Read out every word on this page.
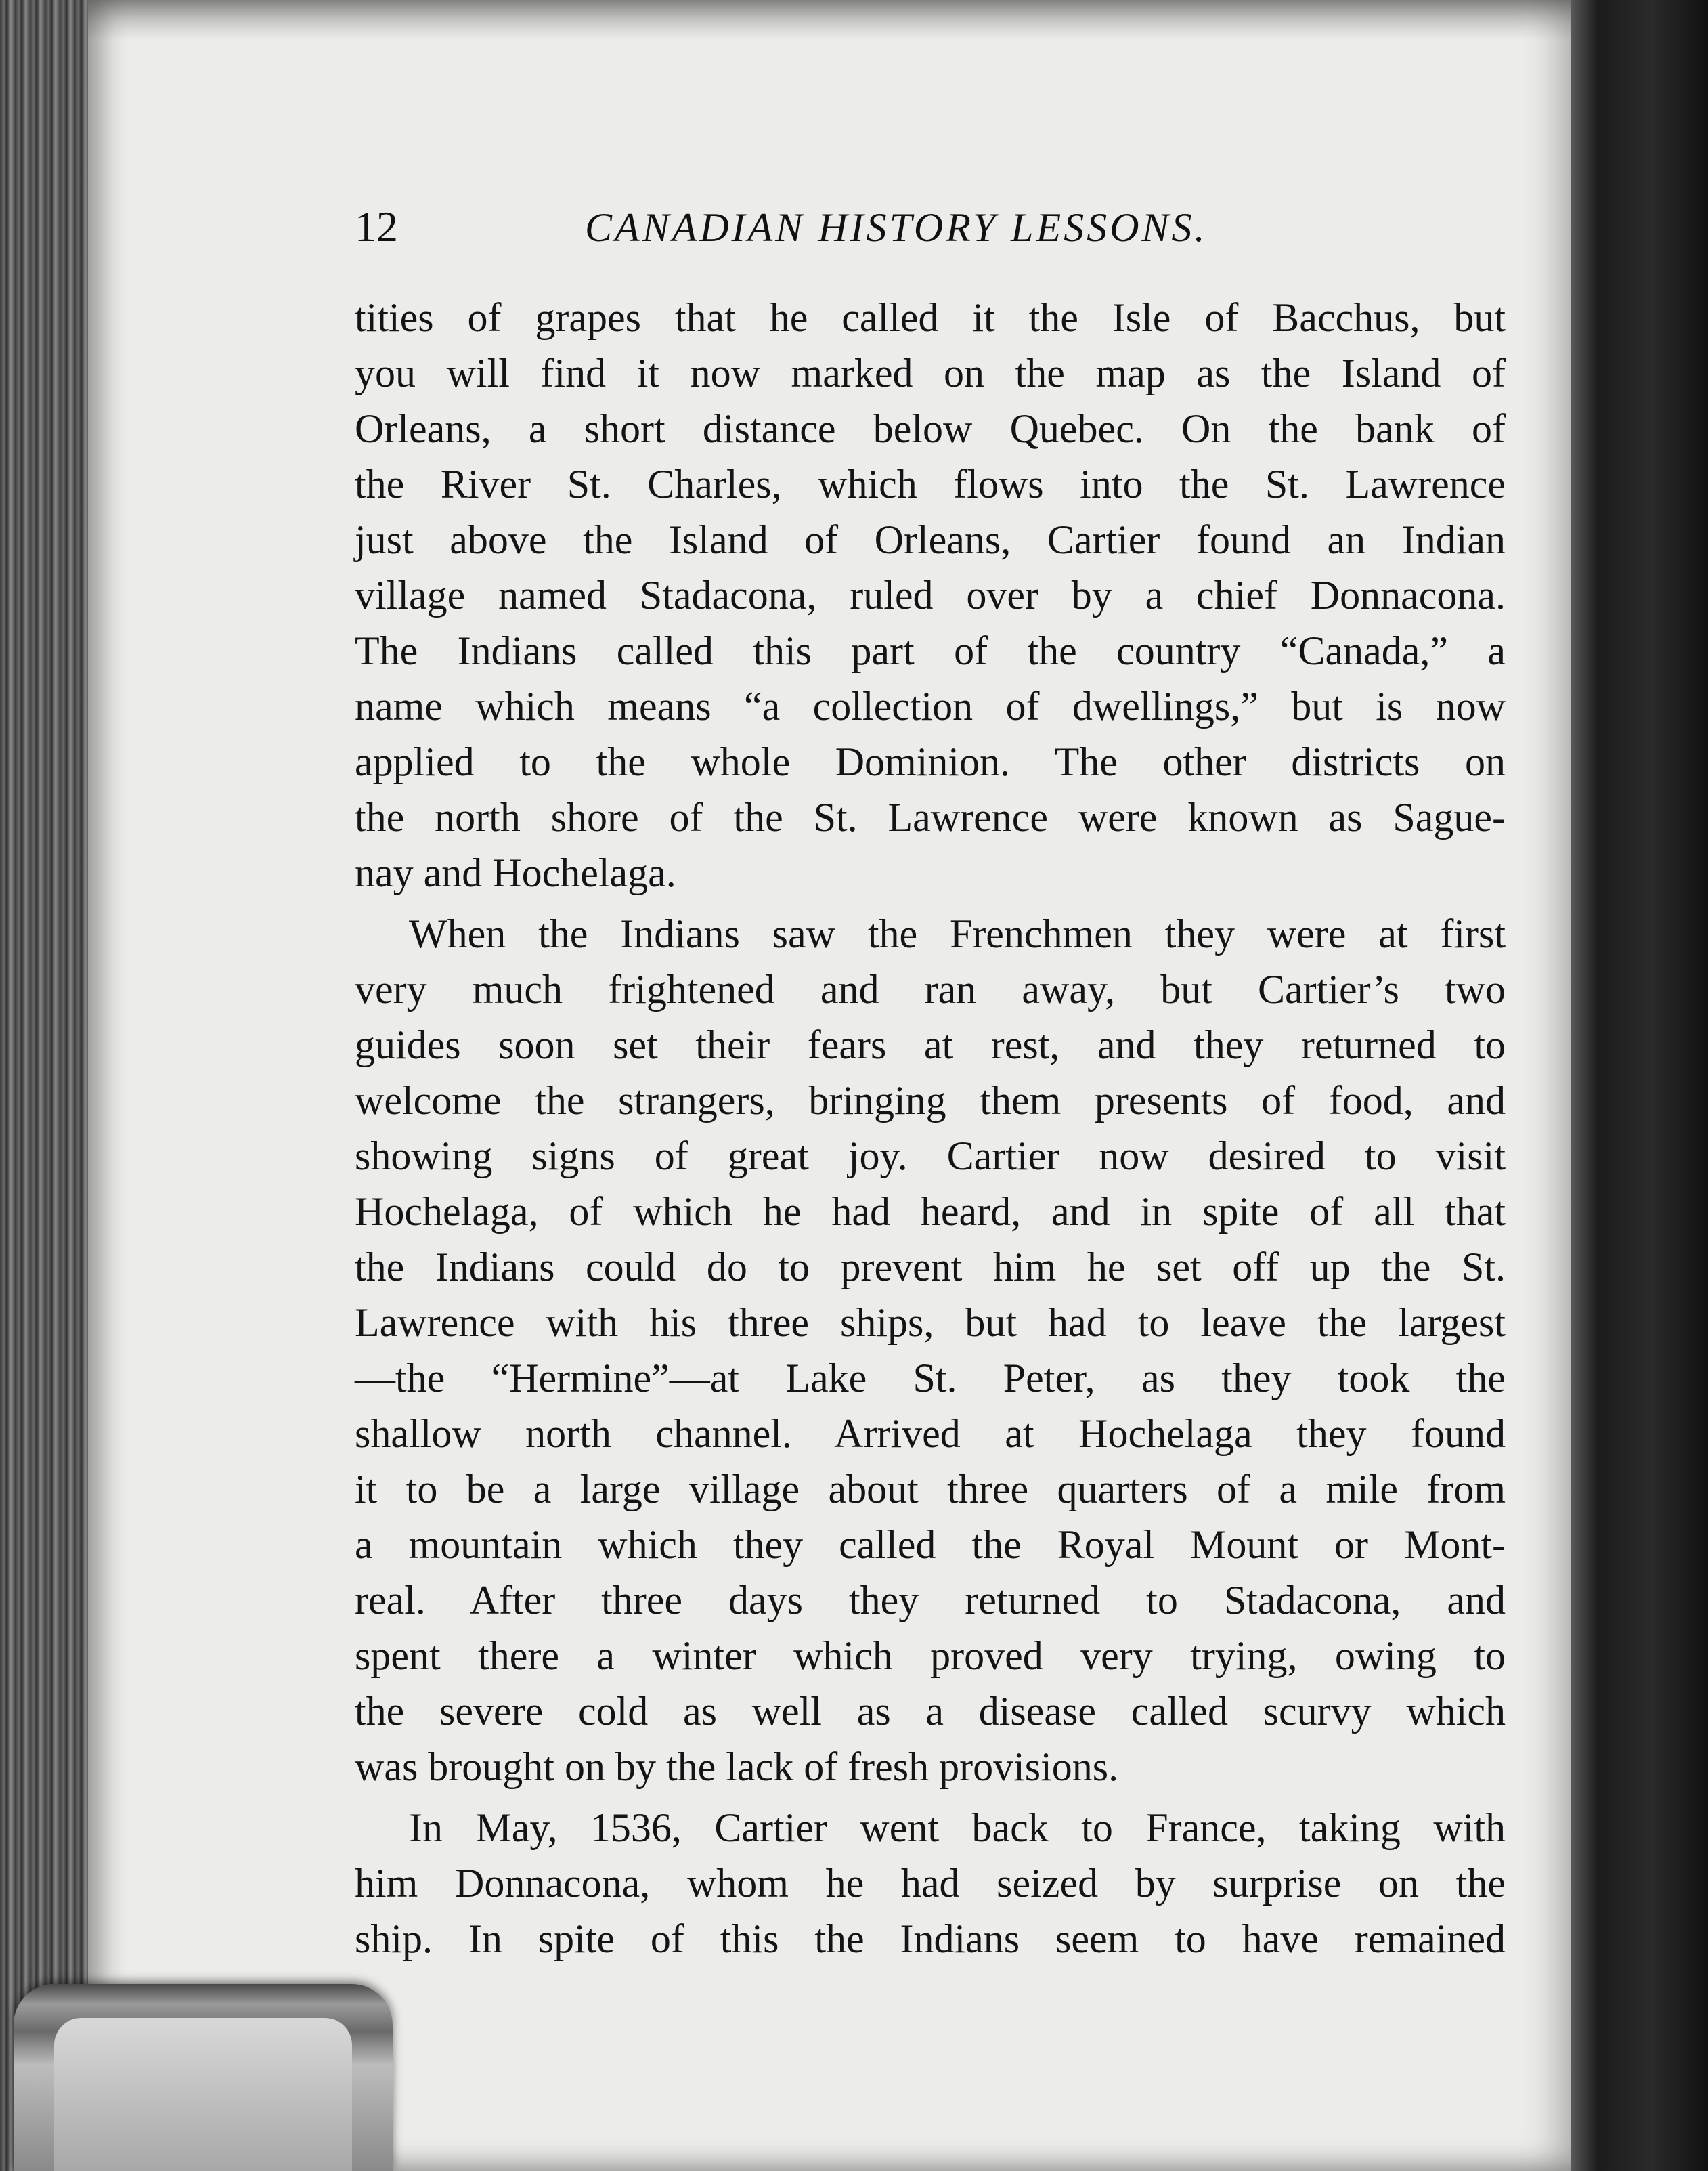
12	CANADIAN HISTORY LESSONS.
tities of grapes that he called it the Isle of Bacchus, but
you will find it now marked on the map as the Island of
Orleans, a short distance below Quebec. On the bank of
the River St. Charles, which flows into the St. Lawrence
just above the Island of Orleans, Cartier found an Indian
village named Stadacona, ruled over by a chief Donnacona.
The Indians called this part of the country “Canada,” a
name which means “a collection of dwellings,” but is now
applied to the whole Dominion. The other districts on
the north shore of the St. Lawrence were known as Sague-
nay and Hochelaga.
When the Indians saw the Frenchmen they were at first
very much frightened and ran away, but Cartier’s two
guides soon set their fears at rest, and they returned to
welcome the strangers, bringing them presents of food, and
showing signs of great joy. Cartier now desired to visit
Hochelaga, of which he had heard, and in spite of all that
the Indians could do to prevent him he set off up the St.
Lawrence with his three ships, but had to leave the largest
—the “Hermine”—at Lake St. Peter, as they took the
shallow north channel. Arrived at Hochelaga they found
it to be a large village about three quarters of a mile from
a mountain which they called the Royal Mount or Mont-
real. After three days they returned to Stadacona, and
spent there a winter which proved very trying, owing to
the severe cold as well as a disease called scurvy which
was brought on by the lack of fresh provisions.
In May, 1536, Cartier went back to France, taking with
him Donnacona, whom he had seized by surprise on the
ship. In spite of this the Indians seem to have remained
